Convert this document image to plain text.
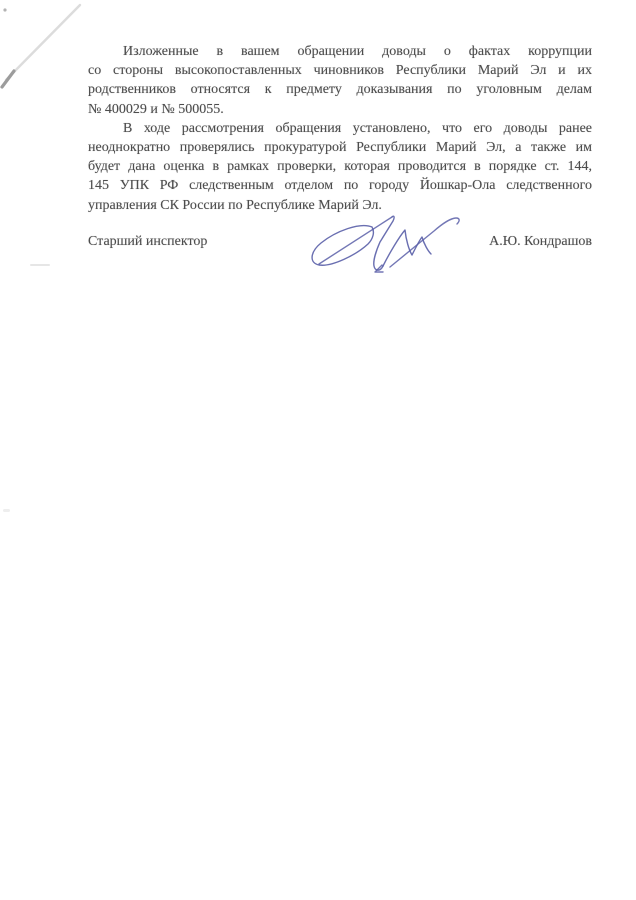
Изложенные в вашем обращении доводы о фактах коррупции
со стороны высокопоставленных чиновников Республики Марий Эл и их
родственников относятся к предмету доказывания по уголовным делам
№ 400029 и № 500055.
В ходе рассмотрения обращения установлено, что его доводы ранее
неоднократно проверялись прокуратурой Республики Марий Эл, а также им
будет дана оценка в рамках проверки, которая проводится в порядке ст. 144,
145 УПК РФ следственным отделом по городу Йошкар-Ола следственного
управления СК России по Республике Марий Эл.
Старший инспектор	А.Ю. Кондрашов
